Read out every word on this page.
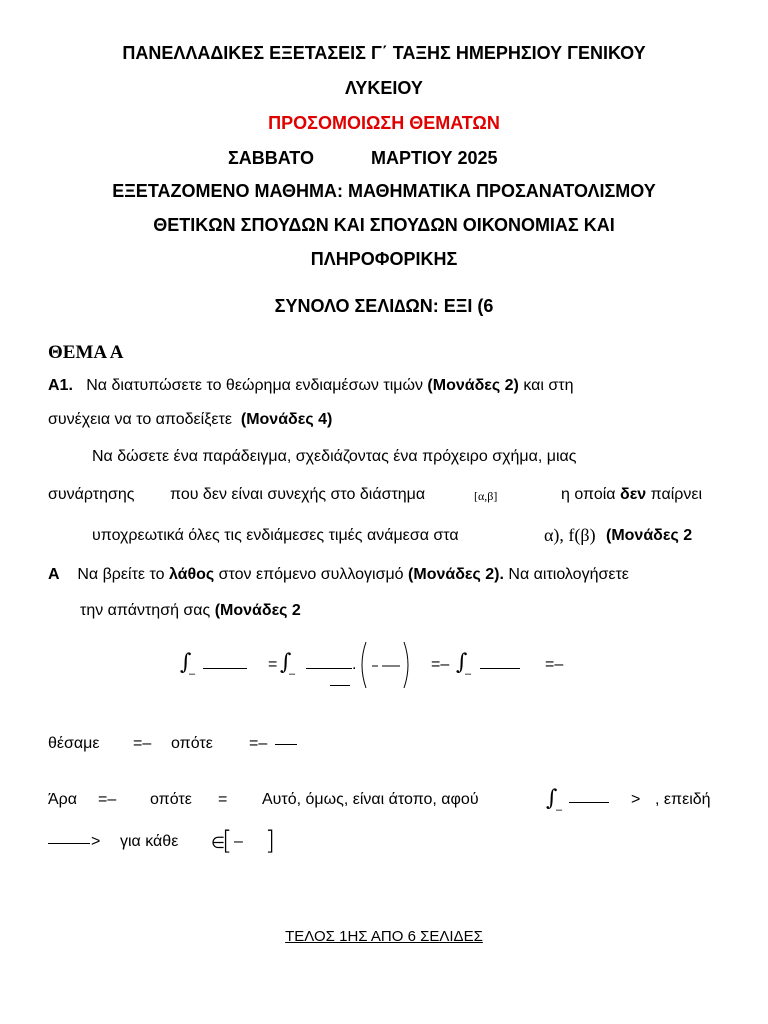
ΠΑΝΕΛΛΑΔΙΚΕΣ ΕΞΕΤΑΣΕΙΣ Γ΄ ΤΑΞΗΣ ΗΜΕΡΗΣΙΟΥ ΓΕΝΙΚΟΥ
ΛΥΚΕΙΟΥ
ΠΡΟΣΟΜΟΙΩΣΗ ΘΕΜΑΤΩΝ
ΣΑΒΒΑΤΟ	ΜΑΡΤΙΟΥ 2025
ΕΞΕΤΑΖΟΜΕΝΟ ΜΑΘΗΜΑ: ΜΑΘΗΜΑΤΙΚΑ ΠΡΟΣΑΝΑΤΟΛΙΣΜΟΥ
ΘΕΤΙΚΩΝ ΣΠΟΥΔΩΝ ΚΑΙ ΣΠΟΥΔΩΝ ΟΙΚΟΝΟΜΙΑΣ ΚΑΙ
ΠΛΗΡΟΦΟΡΙΚΗΣ
ΣΥΝΟΛΟ ΣΕΛΙ∆ΩΝ: ΕΞΙ (6
ΘΕΜΑ Α
Α1. Να διατυπώσετε το θεώρημα ενδιαμέσων τιμών (Μονάδες 2) και στη
συνέχεια να το αποδείξετε (Μονάδες 4)
Να δώσετε ένα παράδειγμα, σχεδιάζοντας ένα πρόχειρο σχήμα, μιας
συνάρτησης που δεν είναι συνεχής στο διάστημα	[α,β]	η οποία δεν παίρνει
υποχρεωτικά όλες τις ενδιάμεσες τιμές ανάμεσα στα	α), f(β) (Μονάδες 2
Α Να βρείτε το λάθος στον επόμενο συλλογισμό (Μονάδες 2). Να αιτιολογήσετε
την απάντησή σας (Μονάδες 2
∫
–
= ∫
–
.	=– ∫
–
=–
θέσαμε =– οπότε =–
Άρα =– οπότε = Αυτό, όμως, είναι άτοπο, αφού	∫
–
> , επειδή
> για κάθε ∈
[ – ]
ΤΕΛΟΣ 1ΗΣ ΑΠΟ 6 ΣΕΛΙΔΕΣ
